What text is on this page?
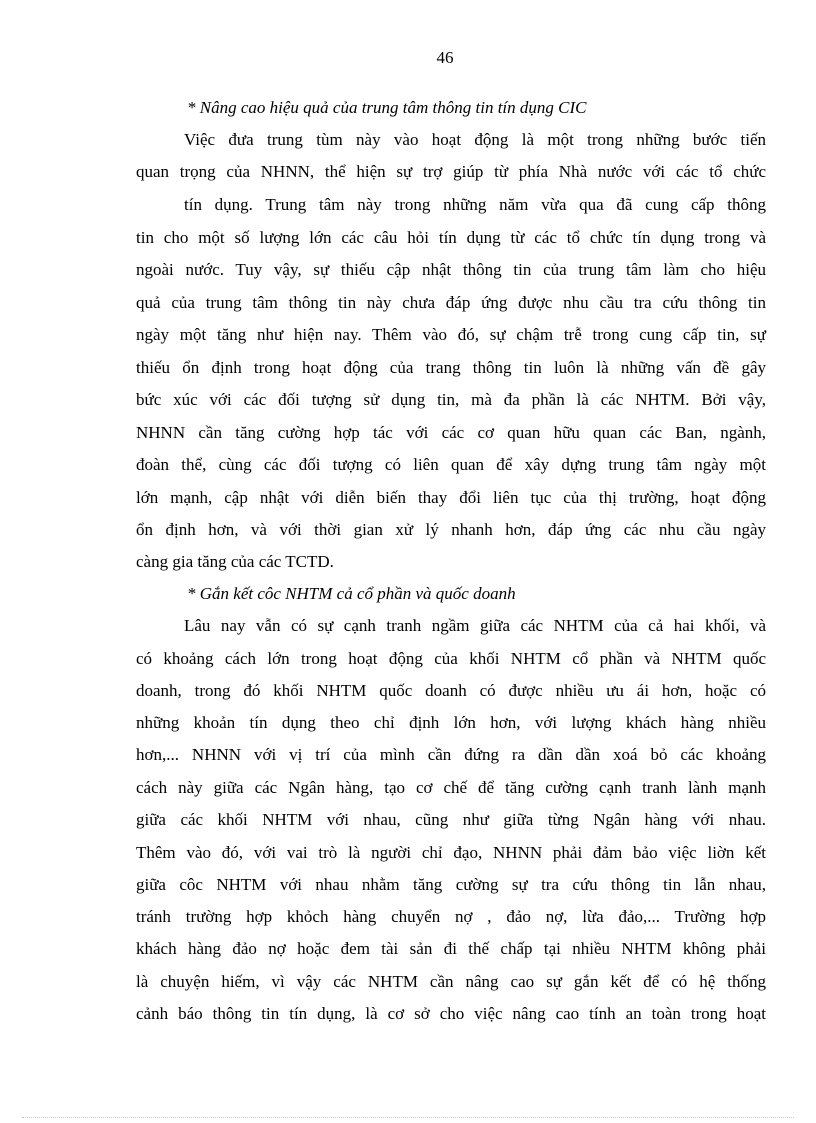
46

* Nâng cao hiệu quả của trung tâm thông tin tín dụng CIC

Việc đưa trung tùm này vào hoạt động là một trong những bước tiến

quan trọng của NHNN, thể hiện sự trợ giúp từ phía Nhà nước với các tổ chức

tín dụng. Trung tâm này trong những năm vừa qua đã cung cấp thông

tin cho một số lượng lớn các câu hỏi tín dụng từ các tổ chức tín dụng trong và

ngoài nước. Tuy vậy, sự thiếu cập nhật thông tin của trung tâm làm cho hiệu

quả của trung tâm thông tin này chưa đáp ứng được nhu cầu tra cứu thông tin

ngày một tăng như hiện nay. Thêm vào đó, sự chậm trễ trong cung cấp tin, sự

thiếu ổn định trong hoạt động của trang thông tin luôn là những vấn đề gây

bức xúc với các đối tượng sử dụng tin, mà đa phần là các NHTM. Bởi vậy,

NHNN cần tăng cường hợp tác với các cơ quan hữu quan các Ban, ngành,

đoàn thể, cùng các đối tượng có liên quan để xây dựng trung tâm ngày một

lớn mạnh, cập nhật với diễn biến thay đổi liên tục của thị trường, hoạt động

ổn định hơn, và với thời gian xử lý nhanh hơn, đáp ứng các nhu cầu ngày

càng gia tăng của các TCTD.

* Gắn kết côc NHTM cả cổ phần và quốc doanh

Lâu nay vẫn có sự cạnh tranh ngầm giữa các NHTM của cả hai khối, và

có khoảng cách lớn trong hoạt động của khối NHTM cổ phần và NHTM quốc

doanh, trong đó khối NHTM quốc doanh có được nhiều ưu ái hơn, hoặc có

những khoản tín dụng theo chỉ định lớn hơn, với lượng khách hàng nhiều

hơn,... NHNN với vị trí của mình cần đứng ra dần dần xoá bỏ các khoảng

cách này giữa các Ngân hàng, tạo cơ chế để tăng cường cạnh tranh lành mạnh

giữa các khối NHTM với nhau, cũng như giữa từng Ngân hàng với nhau.

Thêm vào đó, với vai trò là người chỉ đạo, NHNN phải đảm bảo việc liờn kết

giữa côc NHTM với nhau nhằm tăng cường sự tra cứu thông tin lẫn nhau,

tránh trường hợp khỏch hàng chuyển nợ , đảo nợ, lừa đảo,... Trường hợp

khách hàng đảo nợ hoặc đem tài sản đi thế chấp tại nhiều NHTM không phải

là chuyện hiếm, vì vậy các NHTM cần nâng cao sự gắn kết để có hệ thống

cảnh báo thông tin tín dụng, là cơ sở cho việc nâng cao tính an toàn trong hoạt
